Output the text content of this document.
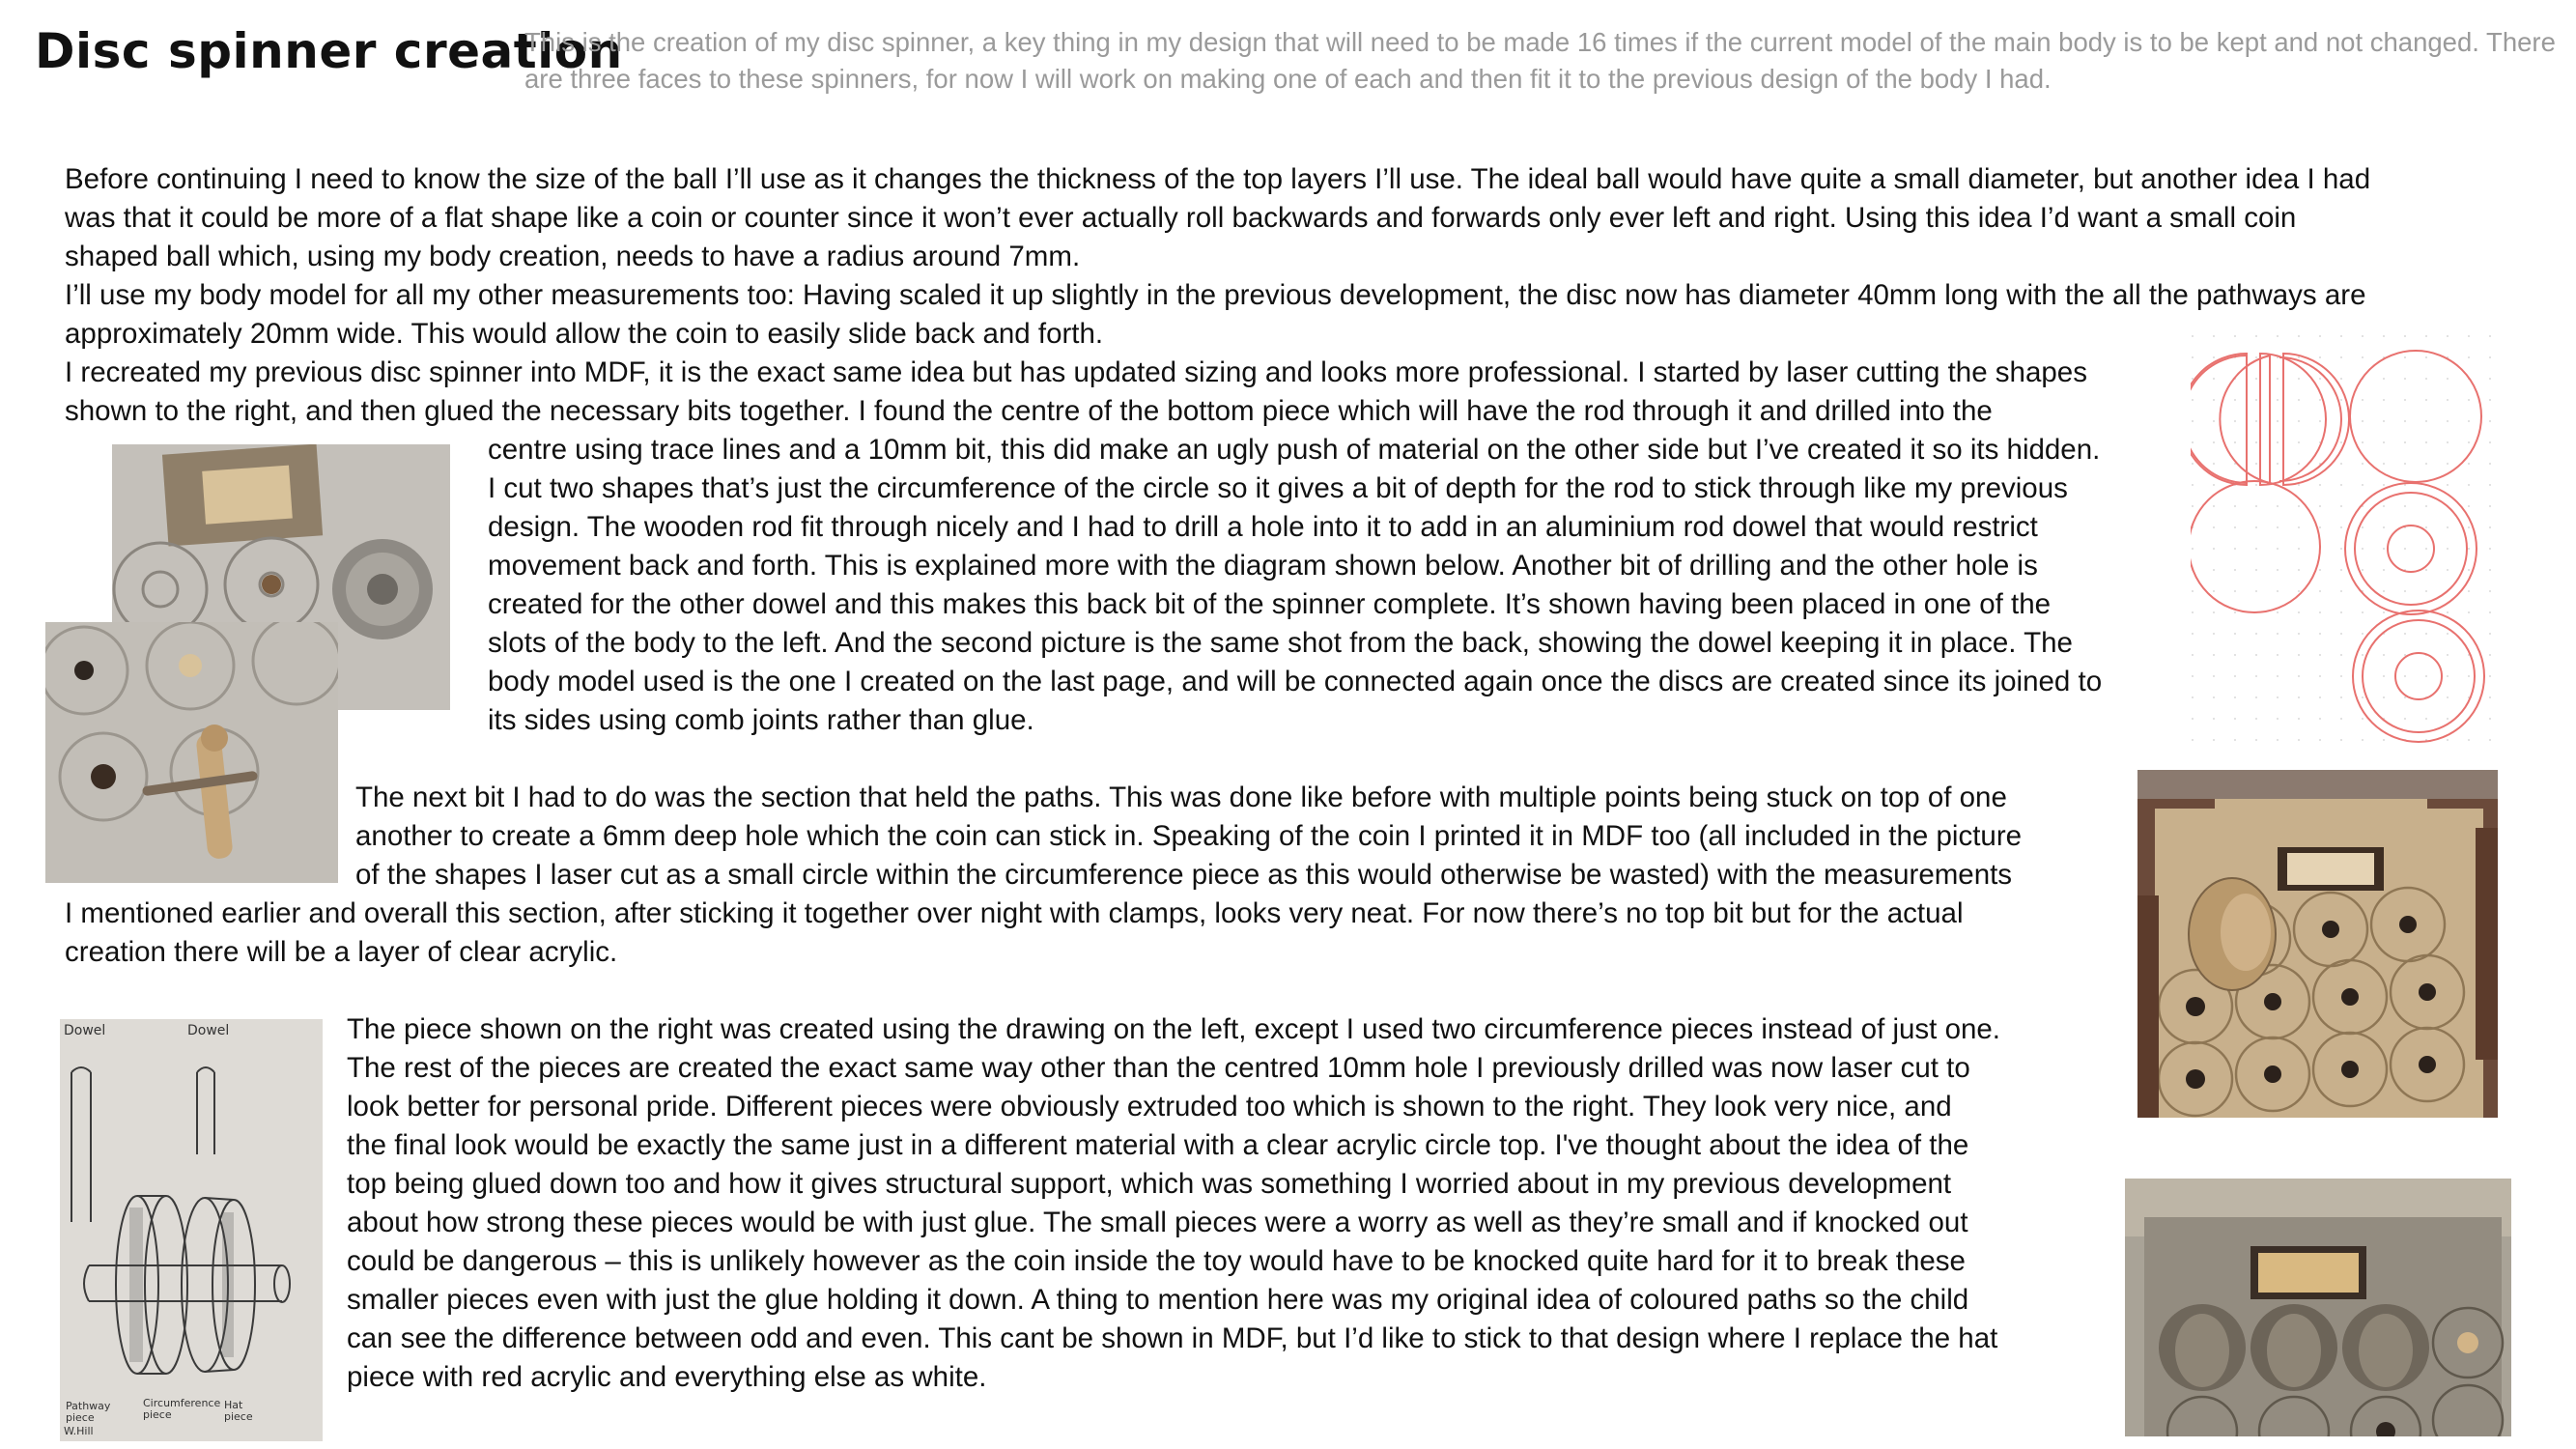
Disc spinner creation
This is the creation of my disc spinner, a key thing in my design that will need to be made 16 times if the current model of the main body is to be kept and not changed. There are three faces to these spinners, for now I will work on making one of each and then fit it to the previous design of the body I had.
Before continuing I need to know the size of the ball I’ll use as it changes the thickness of the top layers I’ll use. The ideal ball would have quite a small diameter, but another idea I had
was that it could be more of a flat shape like a coin or counter since it won’t ever actually roll backwards and forwards only ever left and right. Using this idea I’d want a small coin
shaped ball which, using my body creation, needs to have a radius around 7mm.
I’ll use my body model for all my other measurements too: Having scaled it up slightly in the previous development, the disc now has diameter 40mm long with the all the pathways are
approximately 20mm wide. This would allow the coin to easily slide back and forth.
I recreated my previous disc spinner into MDF, it is the exact same idea but has updated sizing and looks more professional. I started by laser cutting the shapes
shown to the right, and then glued the necessary bits together. I found the centre of the bottom piece which will have the rod through it and drilled into the
centre using trace lines and a 10mm bit, this did make an ugly push of material on the other side but I’ve created it so its hidden.
I cut two shapes that’s just the circumference of the circle so it gives a bit of depth for the rod to stick through like my previous
design. The wooden rod fit through nicely and I had to drill a hole into it to add in an aluminium rod dowel that would restrict
movement back and forth. This is explained more with the diagram shown below. Another bit of drilling and the other hole is
created for the other dowel and this makes this back bit of the spinner complete. It’s shown having been placed in one of the
slots of the body to the left. And the second picture is the same shot from the back, showing the dowel keeping it in place. The
body model used is the one I created on the last page, and will be connected again once the discs are created since its joined to
its sides using comb joints rather than glue.
The next bit I had to do was the section that held the paths. This was done like before with multiple points being stuck on top of one
another to create a 6mm deep hole which the coin can stick in. Speaking of the coin I printed it in MDF too (all included in the picture
of the shapes I laser cut as a small circle within the circumference piece as this would otherwise be wasted) with the measurements
I mentioned earlier and overall this section, after sticking it together over night with clamps, looks very neat. For now there’s no top bit but for the actual
creation there will be a layer of clear acrylic.
The piece shown on the right was created using the drawing on the left, except I used two circumference pieces instead of just one.
The rest of the pieces are created the exact same way other than the centred 10mm hole I previously drilled was now laser cut to
look better for personal pride. Different pieces were obviously extruded too which is shown to the right. They look very nice, and
the final look would be exactly the same just in a different material with a clear acrylic circle top. I've thought about the idea of the
top being glued down too and how it gives structural support, which was something I worried about in my previous development
about how strong these pieces would be with just glue. The small pieces were a worry as well as they’re small and if knocked out
could be dangerous – this is unlikely however as the coin inside the toy would have to be knocked quite hard for it to break these
smaller pieces even with just the glue holding it down. A thing to mention here was my original idea of coloured paths so the child
can see the difference between odd and even. This cant be shown in MDF, but I’d like to stick to that design where I replace the hat
piece with red acrylic and everything else as white.
Dowel	Dowel
Pathway piece
Circumference piece
Hat piece
W.Hill
